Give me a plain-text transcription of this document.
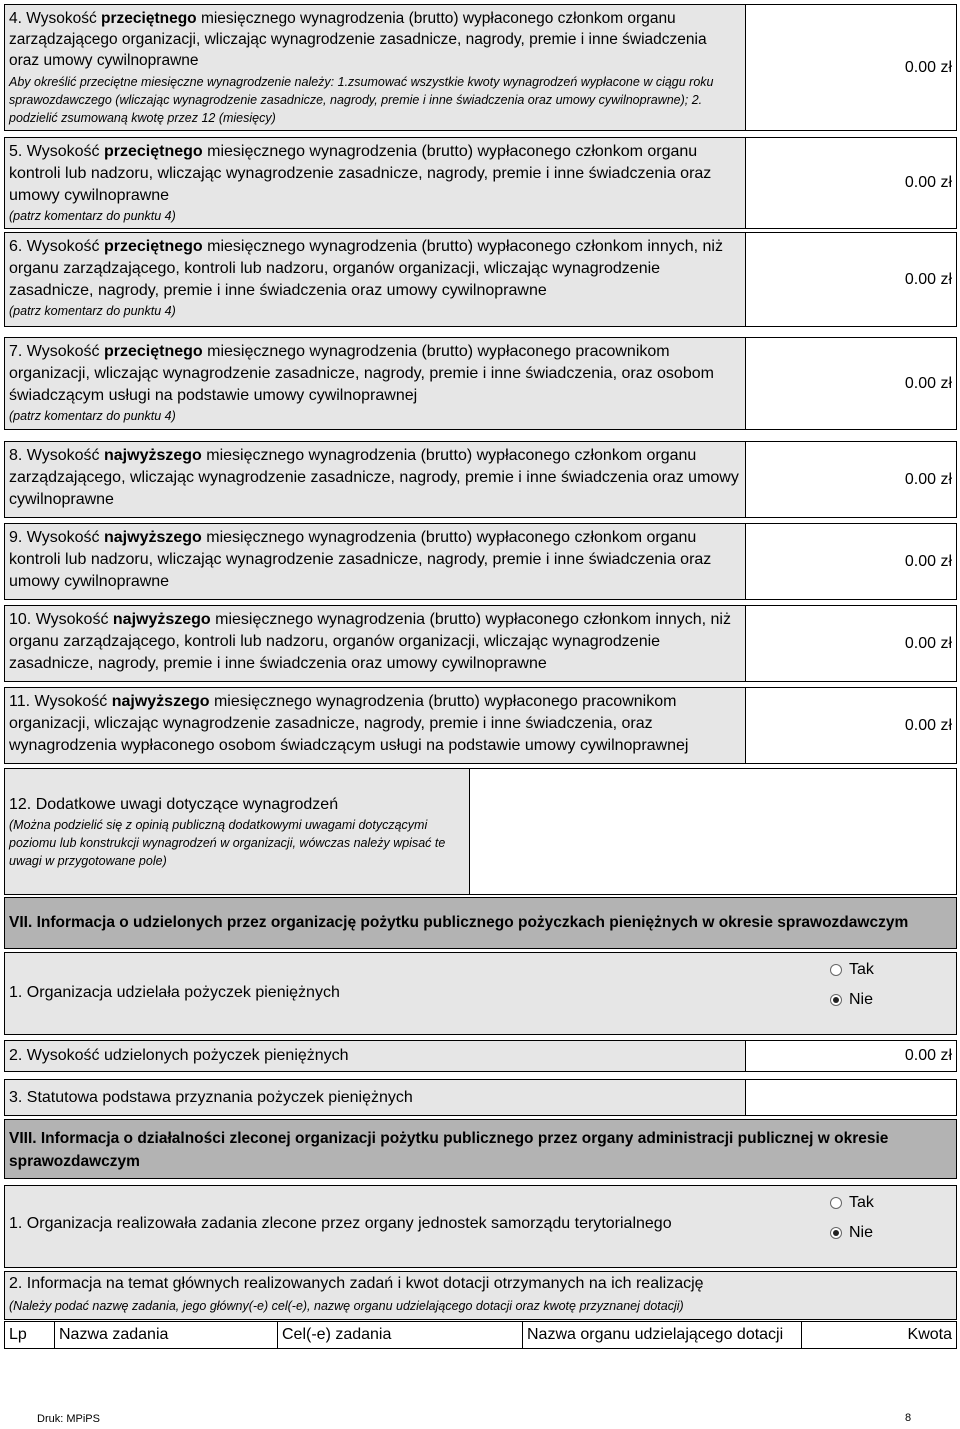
4. Wysokość przeciętnego miesięcznego wynagrodzenia (brutto) wypłaconego członkom organu zarządzającego organizacji, wliczając wynagrodzenie zasadnicze, nagrody, premie i inne świadczenia oraz umowy cywilnoprawne
Aby określić przeciętne miesięczne wynagrodzenie należy: 1.zsumować wszystkie kwoty wynagrodzeń wypłacone w ciągu roku sprawozdawczego (wliczając wynagrodzenie zasadnicze, nagrody, premie i inne świadczenia oraz umowy cywilnoprawne); 2. podzielić zsumowaną kwotę przez 12 (miesięcy)
0.00 zł
5. Wysokość przeciętnego miesięcznego wynagrodzenia (brutto) wypłaconego członkom organu kontroli lub nadzoru, wliczając wynagrodzenie zasadnicze, nagrody, premie i inne świadczenia oraz umowy cywilnoprawne
(patrz komentarz do punktu 4)
0.00 zł
6. Wysokość przeciętnego miesięcznego wynagrodzenia (brutto) wypłaconego członkom innych, niż organu zarządzającego, kontroli lub nadzoru, organów organizacji, wliczając wynagrodzenie zasadnicze, nagrody, premie i inne świadczenia oraz umowy cywilnoprawne
(patrz komentarz do punktu 4)
0.00 zł
7. Wysokość przeciętnego miesięcznego wynagrodzenia (brutto) wypłaconego pracownikom organizacji, wliczając wynagrodzenie zasadnicze, nagrody, premie i inne świadczenia, oraz osobom świadczącym usługi na podstawie umowy cywilnoprawnej
(patrz komentarz do punktu 4)
0.00 zł
8. Wysokość najwyższego miesięcznego wynagrodzenia (brutto) wypłaconego członkom organu zarządzającego, wliczając wynagrodzenie zasadnicze, nagrody, premie i inne świadczenia oraz umowy cywilnoprawne
0.00 zł
9. Wysokość najwyższego miesięcznego wynagrodzenia (brutto) wypłaconego członkom organu kontroli lub nadzoru, wliczając wynagrodzenie zasadnicze, nagrody, premie i inne świadczenia oraz umowy cywilnoprawne
0.00 zł
10. Wysokość najwyższego miesięcznego wynagrodzenia (brutto) wypłaconego członkom innych, niż organu zarządzającego, kontroli lub nadzoru, organów organizacji, wliczając wynagrodzenie zasadnicze, nagrody, premie i inne świadczenia oraz umowy cywilnoprawne
0.00 zł
11. Wysokość najwyższego miesięcznego wynagrodzenia (brutto) wypłaconego pracownikom organizacji, wliczając wynagrodzenie zasadnicze, nagrody, premie i inne świadczenia, oraz wynagrodzenia wypłaconego osobom świadczącym usługi na podstawie umowy cywilnoprawnej
0.00 zł
12. Dodatkowe uwagi dotyczące wynagrodzeń
(Można podzielić się z opinią publiczną dodatkowymi uwagami dotyczącymi poziomu lub konstrukcji wynagrodzeń w organizacji, wówczas należy wpisać te uwagi w przygotowane pole)
VII. Informacja o udzielonych przez organizację pożytku publicznego pożyczkach pieniężnych w okresie sprawozdawczym
1. Organizacja udzielała pożyczek pieniężnych
Tak
Nie
2. Wysokość udzielonych pożyczek pieniężnych	0.00 zł
3. Statutowa podstawa przyznania pożyczek pieniężnych
VIII. Informacja o działalności zleconej organizacji pożytku publicznego przez organy administracji publicznej w okresie sprawozdawczym
1. Organizacja realizowała zadania zlecone przez organy jednostek samorządu terytorialnego
Tak
Nie
2. Informacja na temat głównych realizowanych zadań i kwot dotacji otrzymanych na ich realizację
(Należy podać nazwę zadania, jego główny(-e) cel(-e), nazwę organu udzielającego dotacji oraz kwotę przyznanej dotacji)
Lp	Nazwa zadania	Cel(-e) zadania	Nazwa organu udzielającego dotacji	Kwota
Druk: MPiPS	8
